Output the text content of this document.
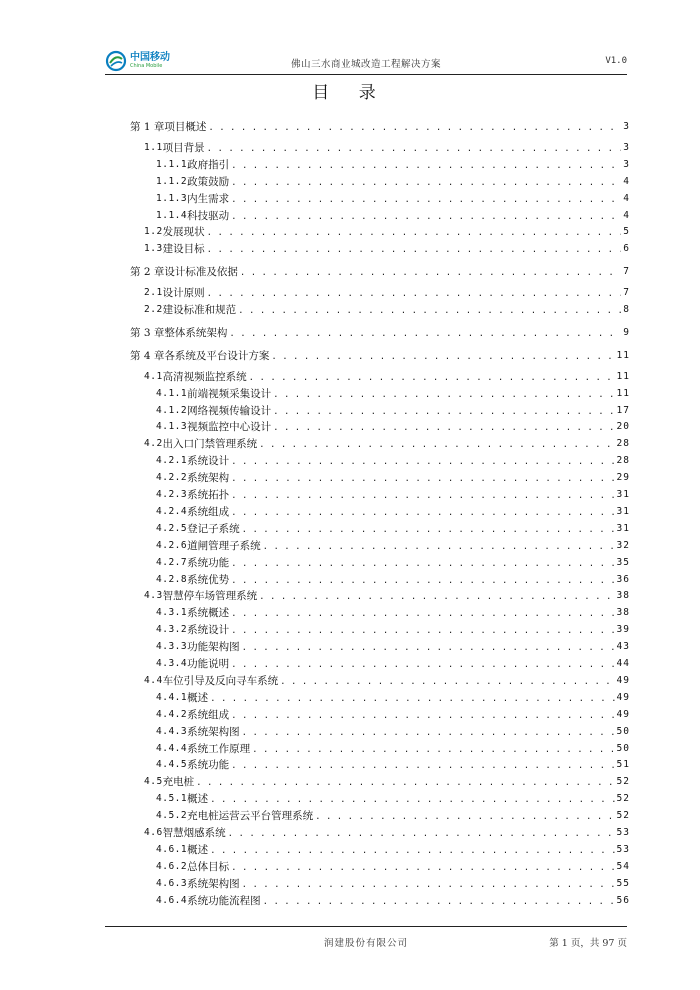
中国移动
China Mobile	佛山三水商业城改造工程解决方案	V1.0
目 录
第 1 章 项目概述 . . .	3
1.1 项目背景 . . .	3
1.1.1 政府指引 . . .	3
1.1.2 政策鼓励 . . .	4
1.1.3 内生需求 . . .	4
1.1.4 科技驱动 . . .	4
1.2 发展现状 . . .	5
1.3 建设目标 . . .	6
第 2 章 设计标准及依据 . . .	7
2.1 设计原则 . . .	7
2.2 建设标准和规范 . . .	8
第 3 章 整体系统架构 . . .	9
第 4 章 各系统及平台设计方案 . . .	11
4.1 高清视频监控系统 . . .	11
4.1.1 前端视频采集设计 . . .	11
4.1.2 网络视频传输设计 . . .	17
4.1.3 视频监控中心设计 . . .	20
4.2 出入口门禁管理系统 . . .	28
4.2.1 系统设计 . . .	28
4.2.2 系统架构 . . .	29
4.2.3 系统拓扑 . . .	31
4.2.4 系统组成 . . .	31
4.2.5 登记子系统 . . .	31
4.2.6 道闸管理子系统 . . .	32
4.2.7 系统功能 . . .	35
4.2.8 系统优势 . . .	36
4.3 智慧停车场管理系统 . . .	38
4.3.1 系统概述 . . .	38
4.3.2 系统设计 . . .	39
4.3.3 功能架构图 . . .	43
4.3.4 功能说明 . . .	44
4.4 车位引导及反向寻车系统 . . .	49
4.4.1 概述 . . .	49
4.4.2 系统组成 . . .	49
4.4.3 系统架构图 . . .	50
4.4.4 系统工作原理 . . .	50
4.4.5 系统功能 . . .	51
4.5 充电桩 . . .	52
4.5.1 概述 . . .	52
4.5.2 充电桩运营云平台管理系统 . . .	52
4.6 智慧烟感系统 . . .	53
4.6.1 概述 . . .	53
4.6.2 总体目标 . . .	54
4.6.3 系统架构图 . . .	55
4.6.4 系统功能流程图 . . .	56
润建股份有限公司	第 1 页，共 97 页
